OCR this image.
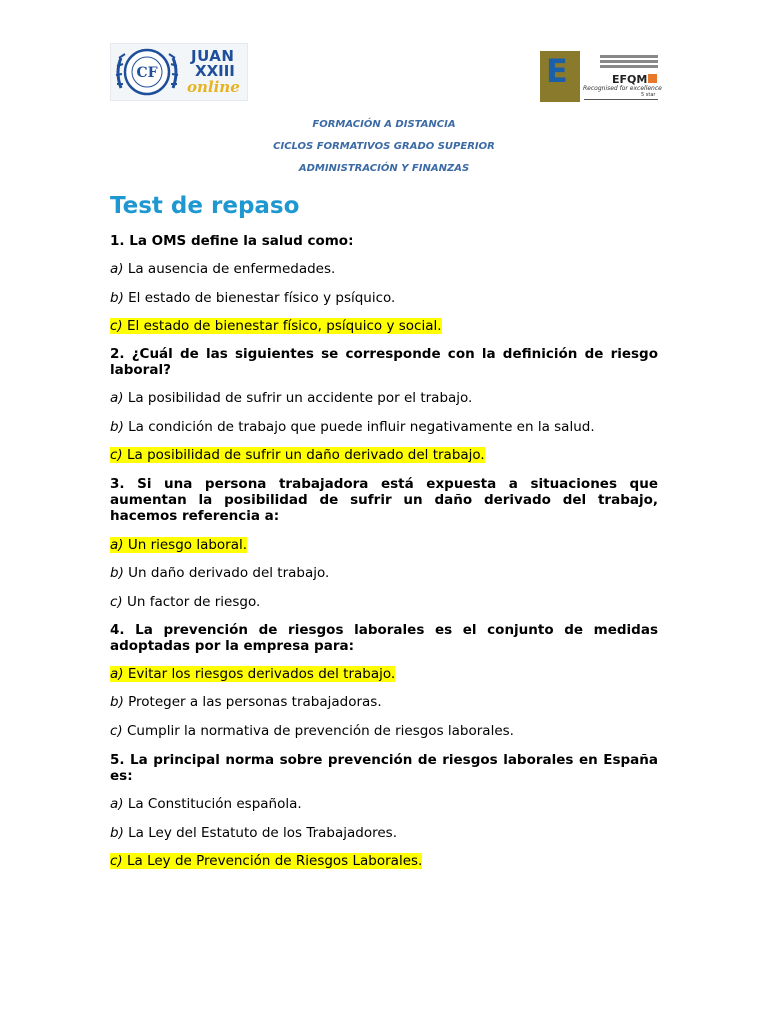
CF
JUAN
XXIII
online	E	EFQM
Recognised for excellence
5 star
FORMACIÓN A DISTANCIA
CICLOS FORMATIVOS GRADO SUPERIOR
ADMINISTRACIÓN Y FINANZAS
Test de repaso
1. La OMS define la salud como:
a) La ausencia de enfermedades.
b) El estado de bienestar físico y psíquico.
c) El estado de bienestar físico, psíquico y social.
2. ¿Cuál de las siguientes se corresponde con la definición de riesgo laboral?
a) La posibilidad de sufrir un accidente por el trabajo.
b) La condición de trabajo que puede influir negativamente en la salud.
c) La posibilidad de sufrir un daño derivado del trabajo.
3. Si una persona trabajadora está expuesta a situaciones que aumentan la posibilidad de sufrir un daño derivado del trabajo, hacemos referencia a:
a) Un riesgo laboral.
b) Un daño derivado del trabajo.
c) Un factor de riesgo.
4. La prevención de riesgos laborales es el conjunto de medidas adoptadas por la empresa para:
a) Evitar los riesgos derivados del trabajo.
b) Proteger a las personas trabajadoras.
c) Cumplir la normativa de prevención de riesgos laborales.
5. La principal norma sobre prevención de riesgos laborales en España es:
a) La Constitución española.
b) La Ley del Estatuto de los Trabajadores.
c) La Ley de Prevención de Riesgos Laborales.
